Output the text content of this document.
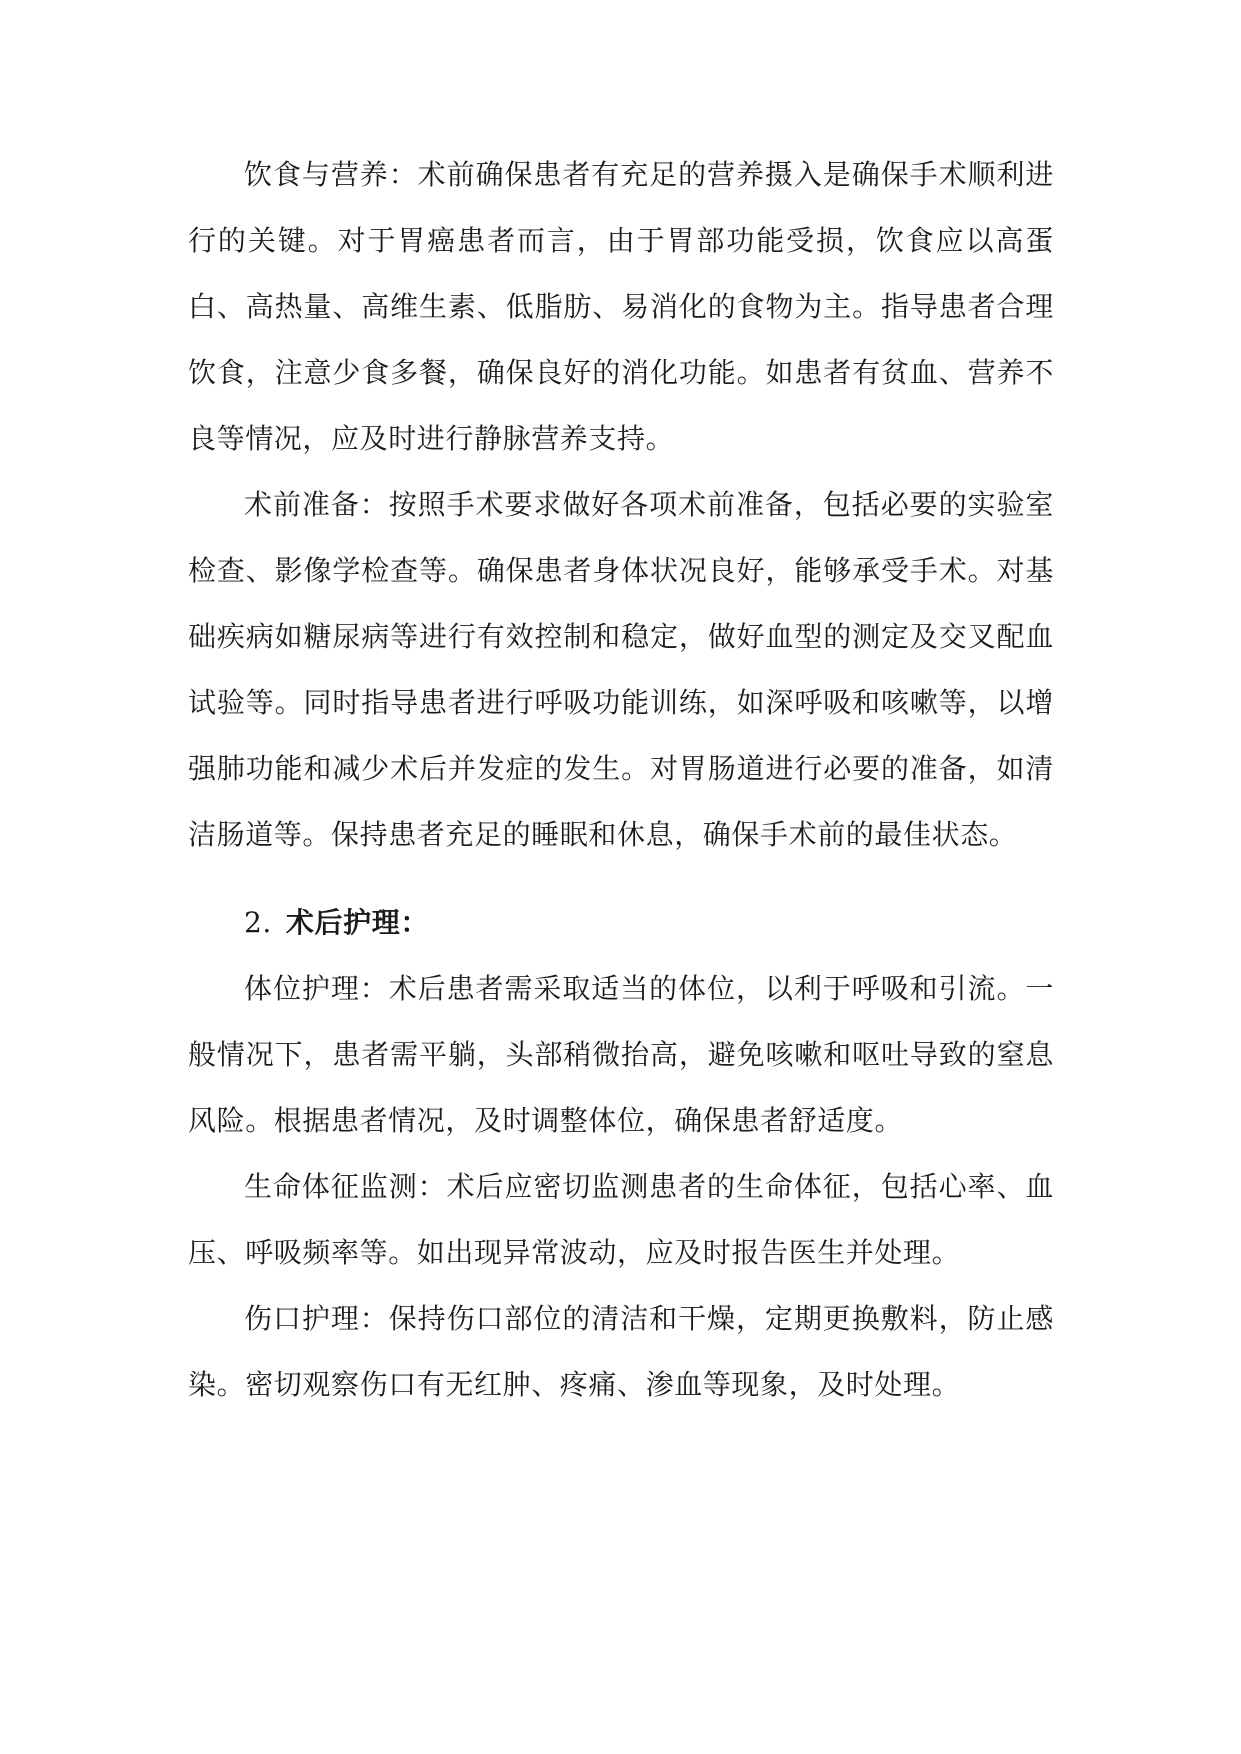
饮食与营养：术前确保患者有充足的营养摄入是确保手术顺利进行的关键。对于胃癌患者而言，由于胃部功能受损，饮食应以高蛋白、高热量、高维生素、低脂肪、易消化的食物为主。指导患者合理饮食，注意少食多餐，确保良好的消化功能。如患者有贫血、营养不良等情况，应及时进行静脉营养支持。

术前准备：按照手术要求做好各项术前准备，包括必要的实验室检查、影像学检查等。确保患者身体状况良好，能够承受手术。对基础疾病如糖尿病等进行有效控制和稳定，做好血型的测定及交叉配血试验等。同时指导患者进行呼吸功能训练，如深呼吸和咳嗽等，以增强肺功能和减少术后并发症的发生。对胃肠道进行必要的准备，如清洁肠道等。保持患者充足的睡眠和休息，确保手术前的最佳状态。

2. 术后护理：

体位护理：术后患者需采取适当的体位，以利于呼吸和引流。一般情况下，患者需平躺，头部稍微抬高，避免咳嗽和呕吐导致的窒息风险。根据患者情况，及时调整体位，确保患者舒适度。

生命体征监测：术后应密切监测患者的生命体征，包括心率、血压、呼吸频率等。如出现异常波动，应及时报告医生并处理。

伤口护理：保持伤口部位的清洁和干燥，定期更换敷料，防止感染。密切观察伤口有无红肿、疼痛、渗血等现象，及时处理。
